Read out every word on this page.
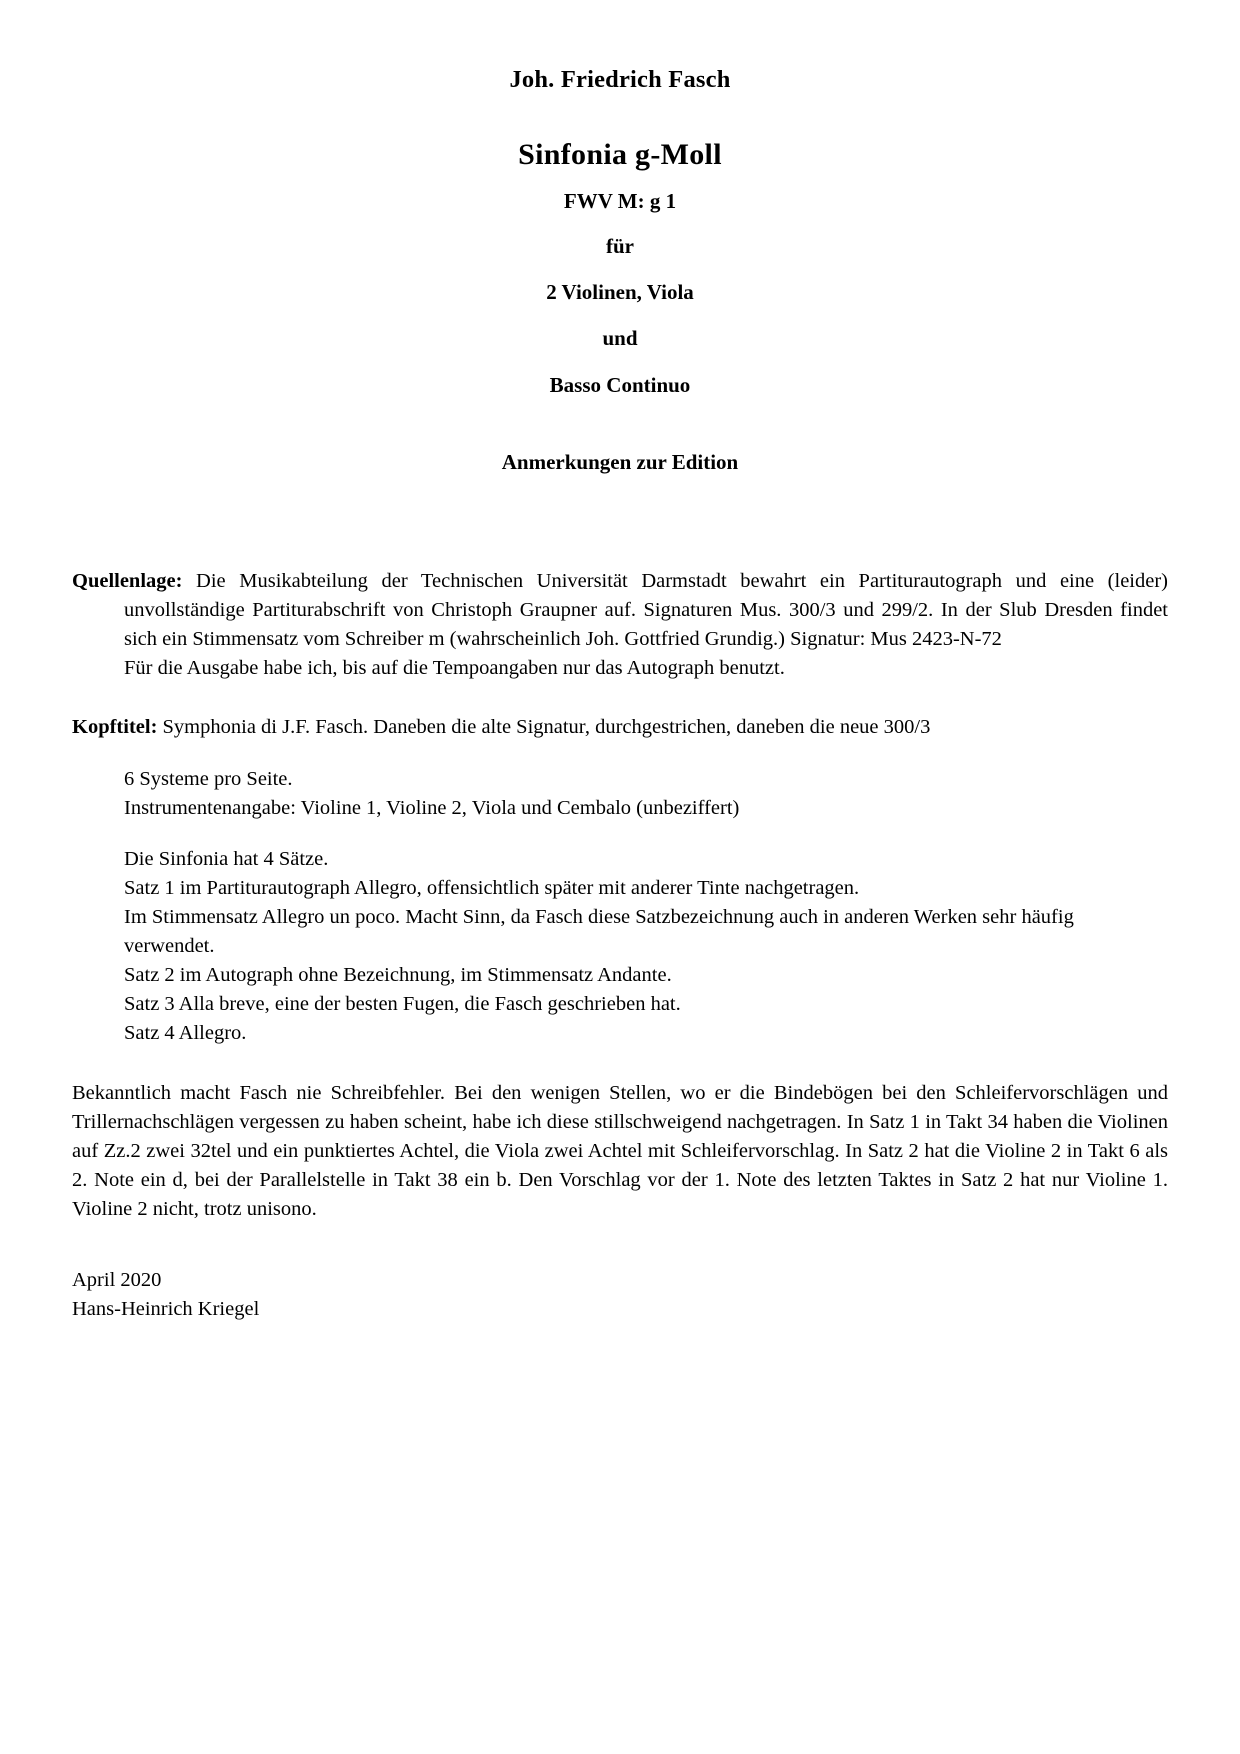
Joh. Friedrich Fasch
Sinfonia g-Moll
FWV M: g 1
für
2 Violinen, Viola
und
Basso Continuo
Anmerkungen zur Edition
Quellenlage: Die Musikabteilung der Technischen Universität Darmstadt bewahrt ein Partiturautograph und eine (leider) unvollständige Partiturabschrift von Christoph Graupner auf. Signaturen Mus. 300/3 und 299/2. In der Slub Dresden findet sich ein Stimmensatz vom Schreiber m (wahrscheinlich Joh. Gottfried Grundig.) Signatur: Mus 2423-N-72
Für die Ausgabe habe ich, bis auf die Tempoangaben nur das Autograph benutzt.
Kopftitel: Symphonia di J.F. Fasch. Daneben die alte Signatur, durchgestrichen, daneben die neue 300/3
6 Systeme pro Seite.
Instrumentenangabe: Violine 1, Violine 2, Viola und Cembalo (unbeziffert)
Die Sinfonia hat 4 Sätze.
Satz 1 im Partiturautograph Allegro, offensichtlich später mit anderer Tinte nachgetragen.
Im Stimmensatz Allegro un poco. Macht Sinn, da Fasch diese Satzbezeichnung auch in anderen Werken sehr häufig verwendet.
Satz 2 im Autograph ohne Bezeichnung, im Stimmensatz Andante.
Satz 3 Alla breve, eine der besten Fugen, die Fasch geschrieben hat.
Satz 4 Allegro.
Bekanntlich macht Fasch nie Schreibfehler. Bei den wenigen Stellen, wo er die Bindebögen bei den Schleifervorschlägen und Trillernachschlägen vergessen zu haben scheint, habe ich diese stillschweigend nachgetragen. In Satz 1 in Takt 34 haben die Violinen auf Zz.2 zwei 32tel und ein punktiertes Achtel, die Viola zwei Achtel mit Schleifervorschlag. In Satz 2 hat die Violine 2 in Takt 6 als 2. Note ein d, bei der Parallelstelle in Takt 38 ein b. Den Vorschlag vor der 1. Note des letzten Taktes in Satz 2 hat nur Violine 1. Violine 2 nicht, trotz unisono.
April 2020
Hans-Heinrich Kriegel
